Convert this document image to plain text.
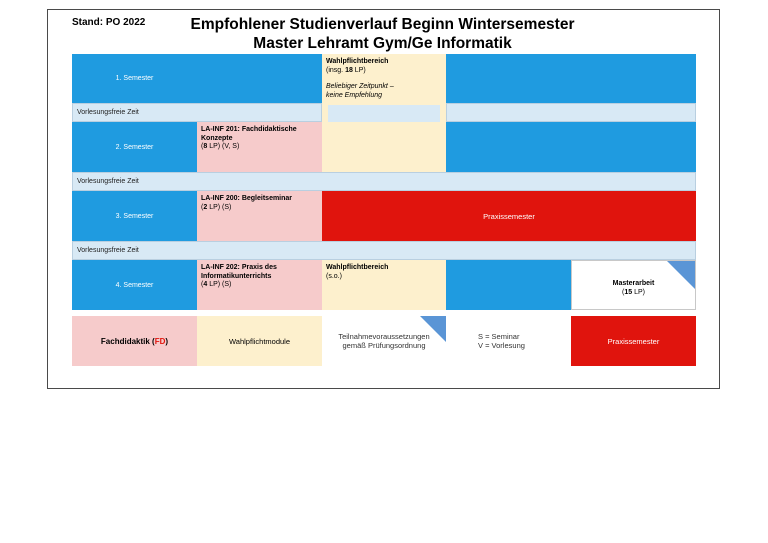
Stand: PO 2022	Empfohlener Studienverlauf Beginn Wintersemester
Master Lehramt Gym/Ge Informatik
1. Semester
Wahlpflichtbereich
(insg. 18 LP)
Beliebiger Zeitpunkt –
keine Empfehlung
Vorlesungsfreie Zeit
2. Semester
LA-INF 201: Fachdidaktische
Konzepte
(8 LP) (V, S)
Vorlesungsfreie Zeit
3. Semester
LA-INF 200: Begleitseminar
(2 LP) (S)
Praxissemester
Vorlesungsfreie Zeit
4. Semester
LA-INF 202: Praxis des
Informatikunterrichts
(4 LP) (S)
Wahlpflichtbereich
(s.o.)
Masterarbeit
(15 LP)
Fachdidaktik ( FD )	Wahlpflichtmodule	Teilnahmevoraussetzungen
gemäß Prüfungsordnung
S = Seminar
V = Vorlesung	Praxissemester
